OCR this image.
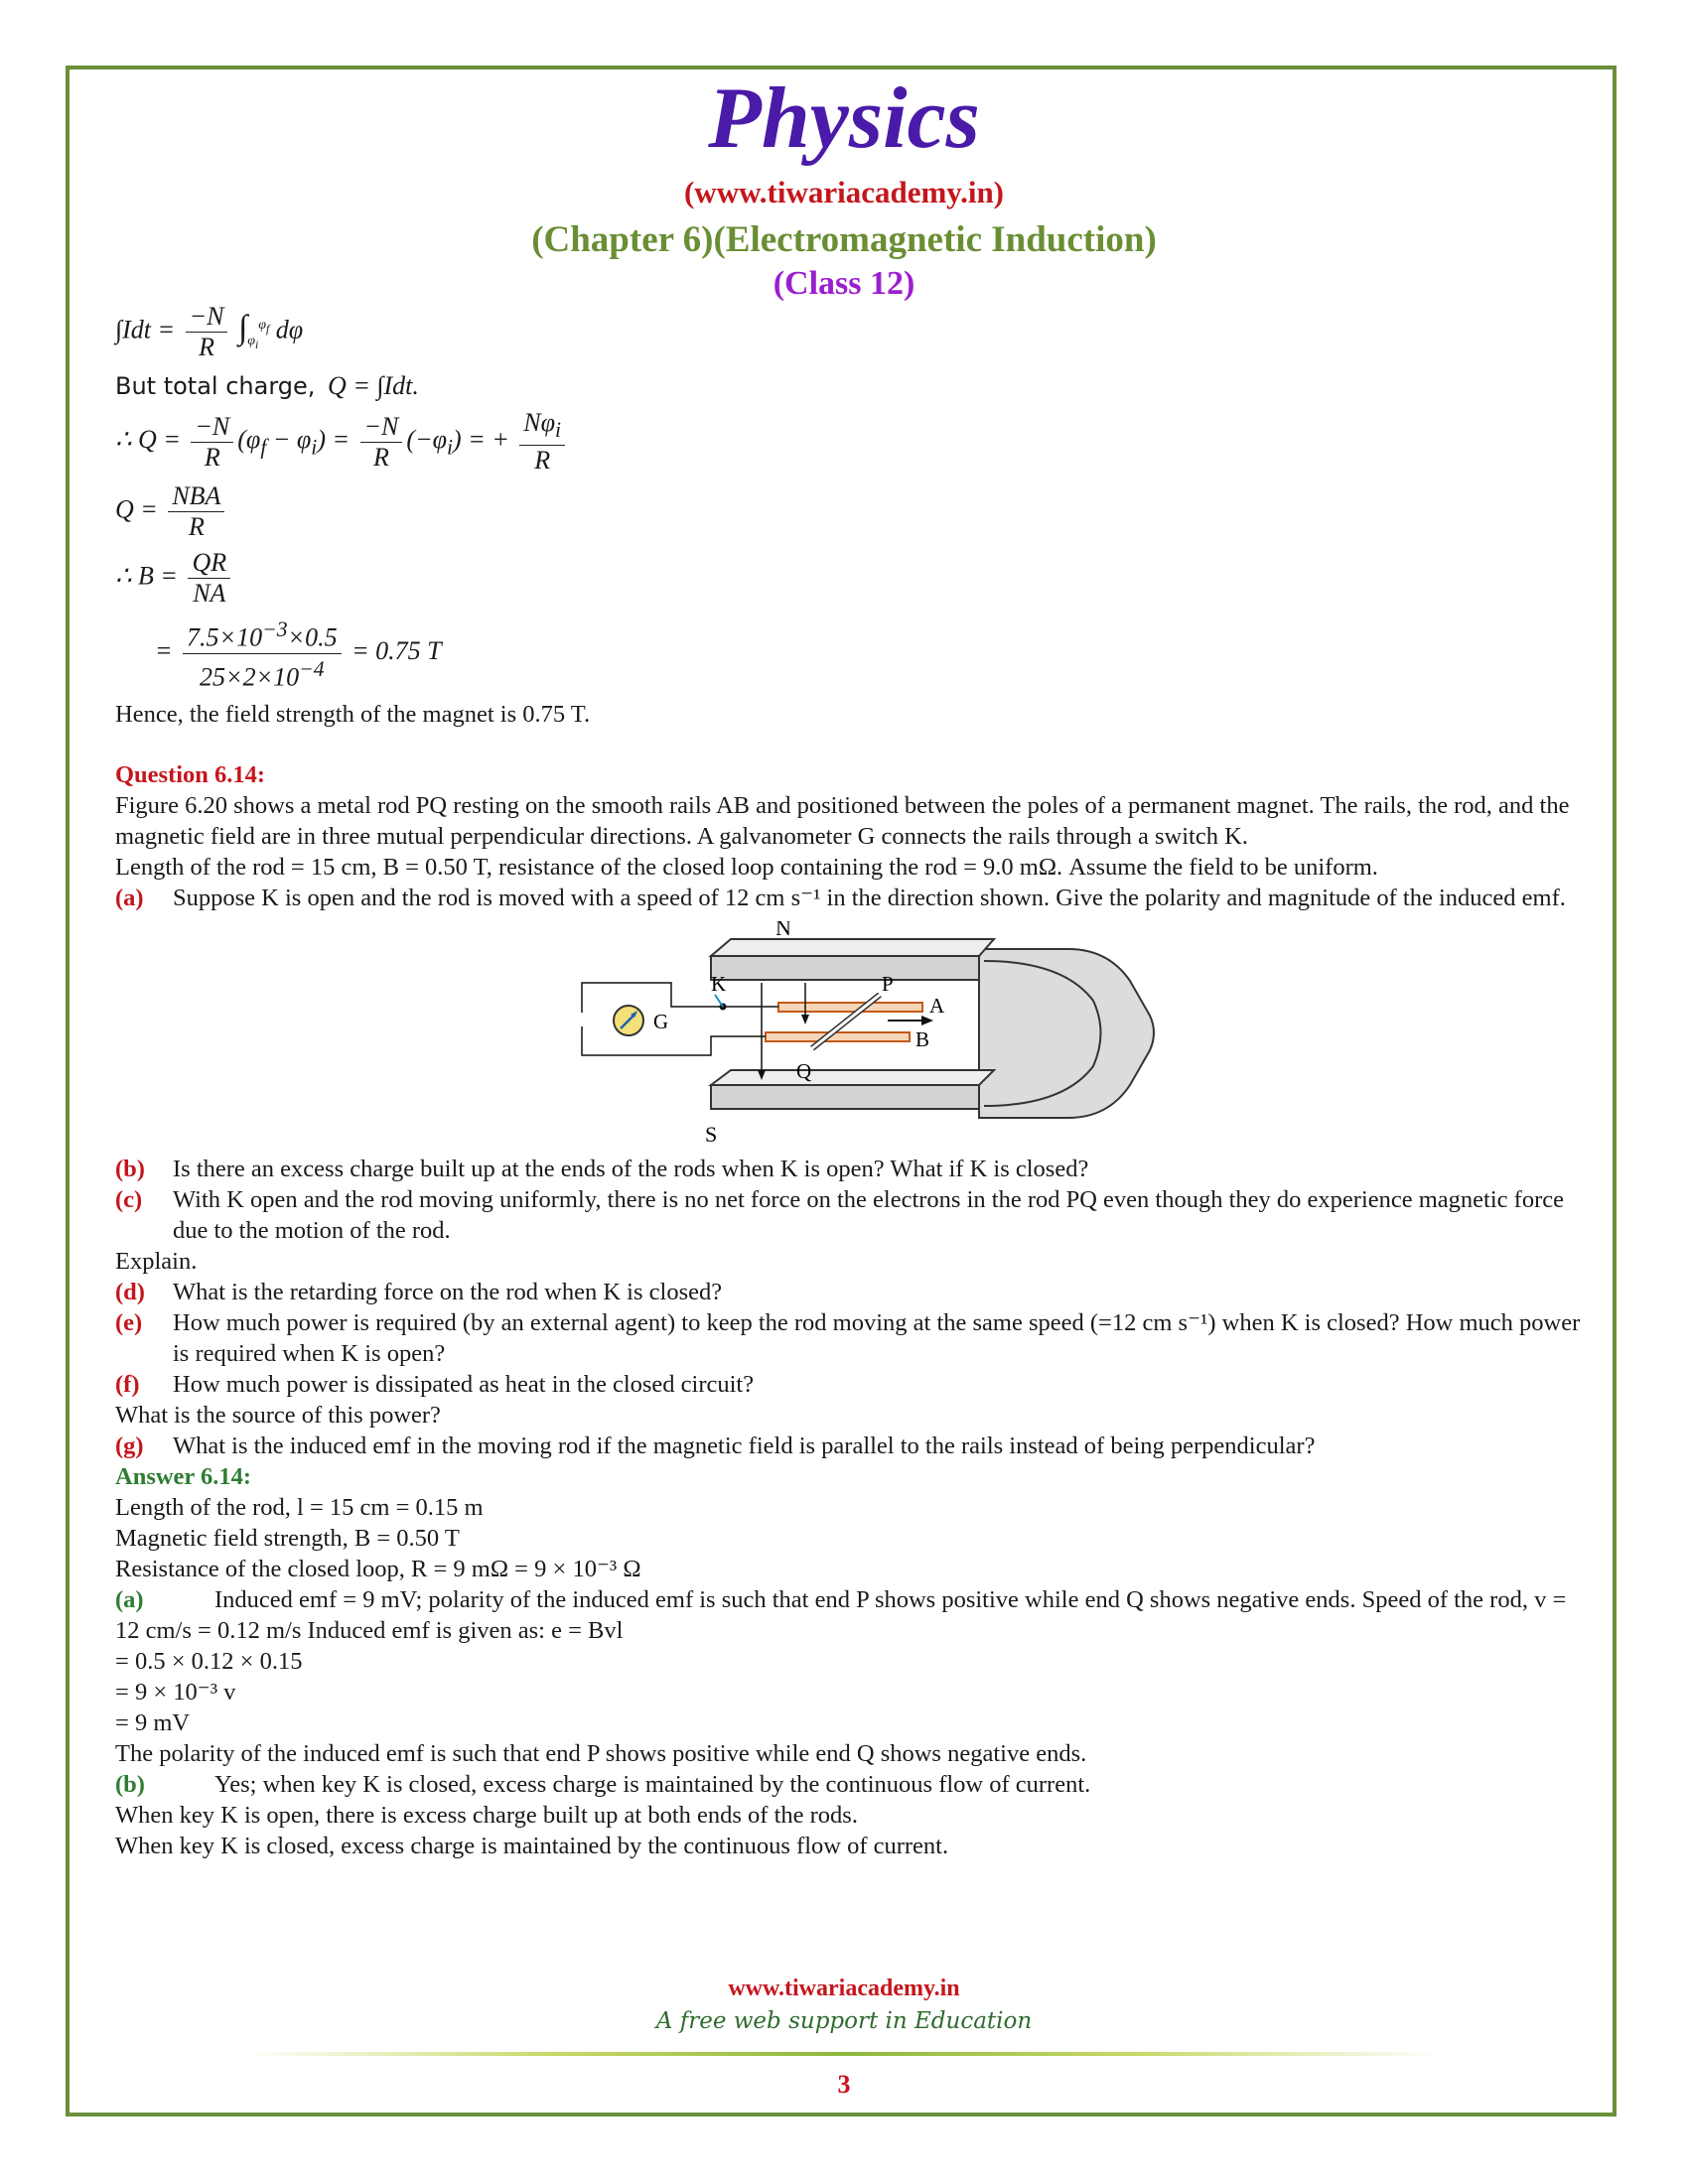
Physics
(www.tiwariacademy.in)
(Chapter 6)(Electromagnetic Induction)
(Class 12)
$\int Idt = \frac{-N}{R} \int_{\varphi_i}^{\varphi_f}$ dφ
But total charge,  Q = ∫Idt.
∴ $Q = \frac{-N}{R} (\varphi_f - \varphi_i) = \frac{-N}{R} (-\varphi_i)$ = + $\frac{N\varphi_i}{R}$
$Q = \frac{\text{NBA}}{R}$
∴ $B = \frac{QR}{NA}$
= $\frac{7.5\times 10^{-3}\times 0.5}{25\times 2\times 10^{-4}} = 0.75$ T
Hence, the field strength of the magnet is 0.75 T.
Question 6.14:
Figure 6.20 shows a metal rod PQ resting on the smooth rails AB and positioned between the poles of a permanent magnet. The rails, the rod, and the magnetic field are in three mutual perpendicular directions. A galvanometer G connects the rails through a switch K.
Length of the rod = 15 cm, B = 0.50 T, resistance of the closed loop containing the rod = 9.0 mΩ. Assume the field to be uniform.
(a)	Suppose K is open and the rod is moved with a speed of 12 cm s⁻¹ in the direction shown. Give the polarity and magnitude of the induced emf.
N
S
K	P
Q
A
B
G
(b)	Is there an excess charge built up at the ends of the rods when K is open? What if K is closed?
(c)	With K open and the rod moving uniformly, there is no net force on the electrons in the rod PQ even though they do experience magnetic force due to the motion of the rod.
Explain.
(d)	What is the retarding force on the rod when K is closed?
(e)	How much power is required (by an external agent) to keep the rod moving at the same speed (=12 cm s⁻¹) when K is closed? How much power is required when K is open?
(f)	How much power is dissipated as heat in the closed circuit?
What is the source of this power?
(g)	What is the induced emf in the moving rod if the magnetic field is parallel to the rails instead of being perpendicular?
Answer 6.14:
Length of the rod, l = 15 cm = 0.15 m
Magnetic field strength, B = 0.50 T
Resistance of the closed loop, R = 9 mΩ = 9 × 10⁻³ Ω
(a)	Induced emf = 9 mV; polarity of the induced emf is such that end P shows positive while end Q shows negative ends. Speed of the rod, v = 12 cm/s = 0.12 m/s Induced emf is given as: e = Bvl
= 0.5 × 0.12 × 0.15
= 9 × 10⁻³ v
= 9 mV
The polarity of the induced emf is such that end P shows positive while end Q shows negative ends.
(b)	Yes; when key K is closed, excess charge is maintained by the continuous flow of current.
When key K is open, there is excess charge built up at both ends of the rods.
When key K is closed, excess charge is maintained by the continuous flow of current.
www.tiwariacademy.in
A free web support in Education
3
